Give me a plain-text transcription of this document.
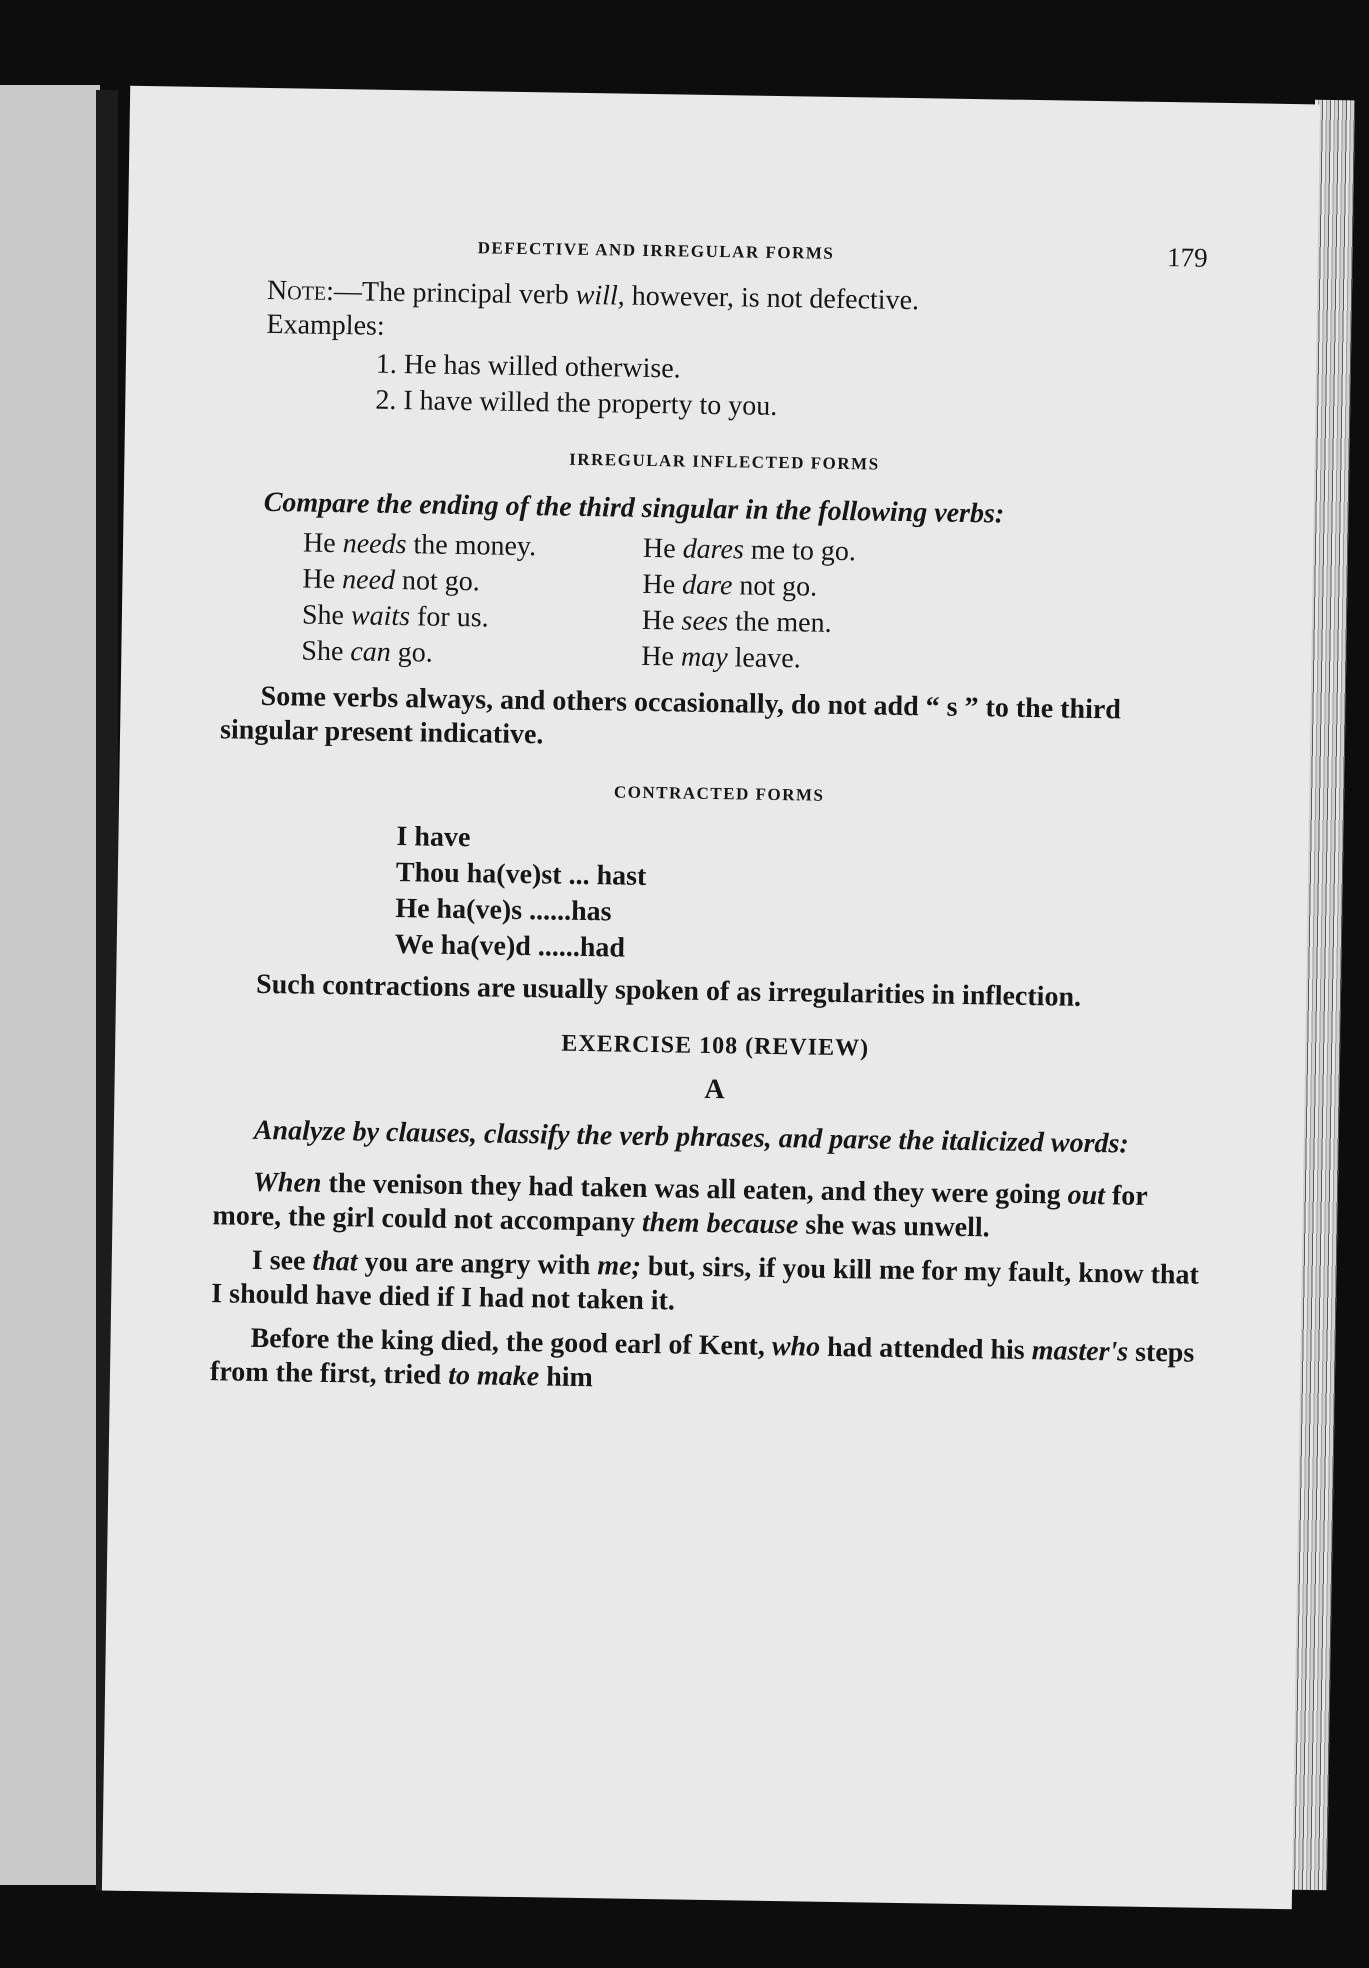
DEFECTIVE AND IRREGULAR FORMS	179

Note:—The principal verb will, however, is not defective.

Examples:

1. He has willed otherwise.
2. I have willed the property to you.
IRREGULAR INFLECTED FORMS

Compare the ending of the third singular in the following verbs:

He needs the money.	He dares me to go.
He need not go.	He dare not go.
She waits for us.	He sees the men.
She can go.	He may leave.

Some verbs always, and others occasionally, do not add “ s ” to the third singular present indicative.

CONTRACTED FORMS
I have
Thou ha(ve)st ... hast
He ha(ve)s ......has
We ha(ve)d ......had

Such contractions are usually spoken of as irregularities in inflection.

EXERCISE 108 (REVIEW)
A

Analyze by clauses, classify the verb phrases, and parse the italicized words:

When the venison they had taken was all eaten, and they were going out for more, the girl could not accompany them because she was unwell.

I see that you are angry with me; but, sirs, if you kill me for my fault, know that I should have died if I had not taken it.

Before the king died, the good earl of Kent, who had attended his master's steps from the first, tried to make him
